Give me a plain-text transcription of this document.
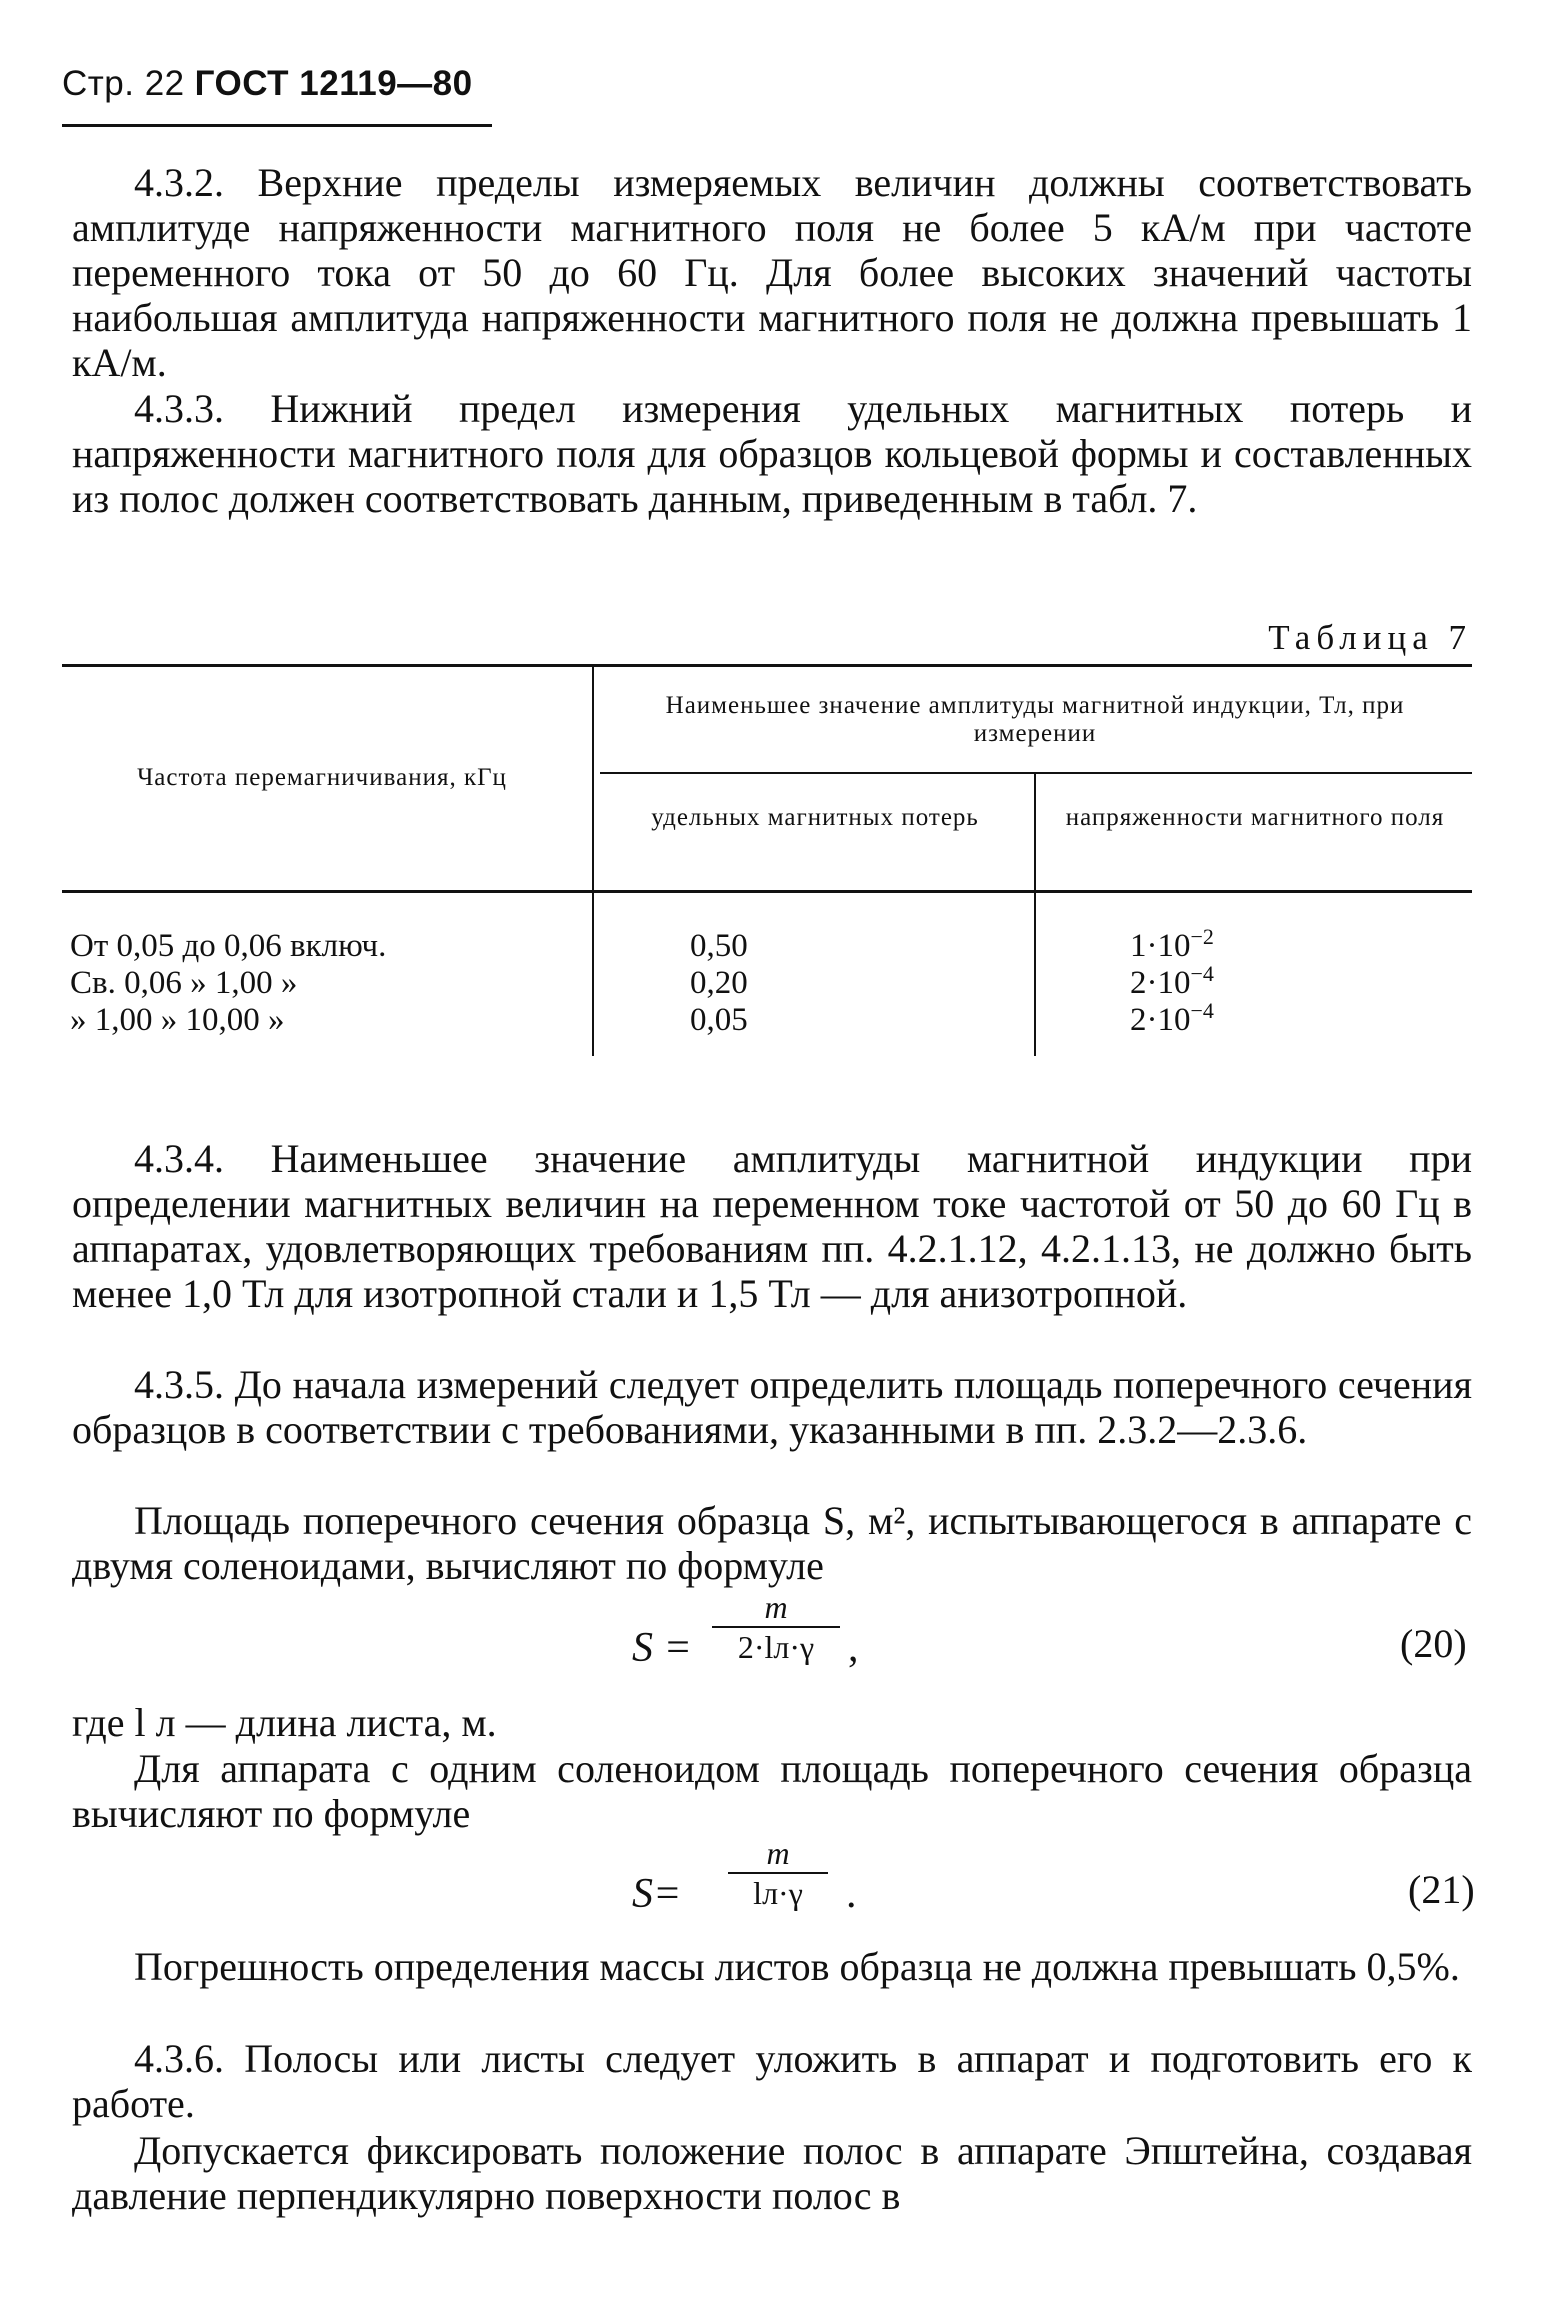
Стр. 22 ГОСТ 12119—80

4.3.2. Верхние пределы измеряемых величин должны соответствовать амплитуде напряженности магнитного поля не более 5 кА/м при частоте переменного тока от 50 до 60 Гц. Для более высоких значений частоты наибольшая амплитуда напряженности магнитного поля не должна превышать 1 кА/м.

4.3.3. Нижний предел измерения удельных магнитных потерь и напряженности магнитного поля для образцов кольцевой формы и составленных из полос должен соответствовать данным, приведенным в табл. 7.

Таблица 7
Частота перемагничивания, кГц
Наименьшее значение амплитуды магнитной индукции, Тл, при измерении
удельных магнитных потерь	напряженности магнитного поля
От 0,05 до 0,06 включ.	0,50	$1\cdot 10^{-2}$
Св. 0,06 » 1,00 »	0,20	$2\cdot 10^{-4}$
» 1,00 » 10,00 »	0,05	$2\cdot 10^{-4}$

4.3.4. Наименьшее значение амплитуды магнитной индукции при определении магнитных величин на переменном токе частотой от 50 до 60 Гц в аппаратах, удовлетворяющих требованиям пп. 4.2.1.12, 4.2.1.13, не должно быть менее 1,0 Тл для изотропной стали и 1,5 Тл — для анизотропной.

4.3.5. До начала измерений следует определить площадь поперечного сечения образцов в соответствии с требованиями, указанными в пп. 2.3.2—2.3.6.

Площадь поперечного сечения образца S, м², испытывающегося в аппарате с двумя соленоидами, вычисляют по формуле

S =
m
2·lл·γ ,	(20)

где l л — длина листа, м.

Для аппарата с одним соленоидом площадь поперечного сечения образца вычисляют по формуле

S=
m
lл·γ	.	(21)

Погрешность определения массы листов образца не должна превышать 0,5%.

4.3.6. Полосы или листы следует уложить в аппарат и подготовить его к работе.

Допускается фиксировать положение полос в аппарате Эпштейна, создавая давление перпендикулярно поверхности полос в
